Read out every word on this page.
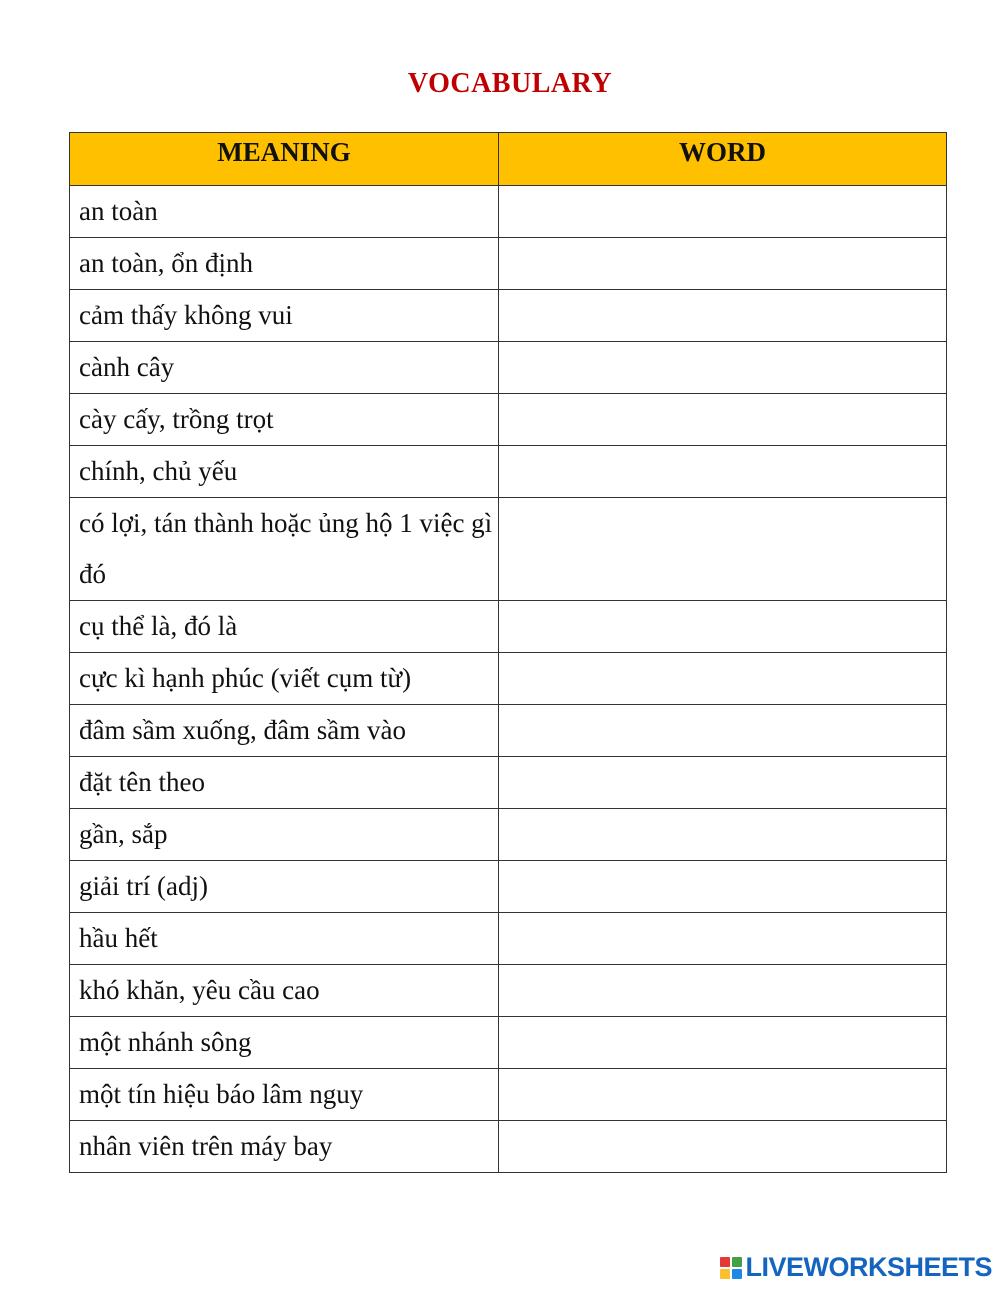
VOCABULARY
MEANING	WORD
an toàn	
an toàn, ổn định	
cảm thấy không vui	
cành cây	
cày cấy, trồng trọt	
chính, chủ yếu	
có lợi, tán thành hoặc ủng hộ 1 việc gì đó	
cụ thể là, đó là	
cực kì hạnh phúc (viết cụm từ)	
đâm sầm xuống, đâm sầm vào	
đặt tên theo	
gần, sắp	
giải trí (adj)	
hầu hết	
khó khăn, yêu cầu cao	
một nhánh sông	
một tín hiệu báo lâm nguy	
nhân viên trên máy bay	
LIVEWORKSHEETS
